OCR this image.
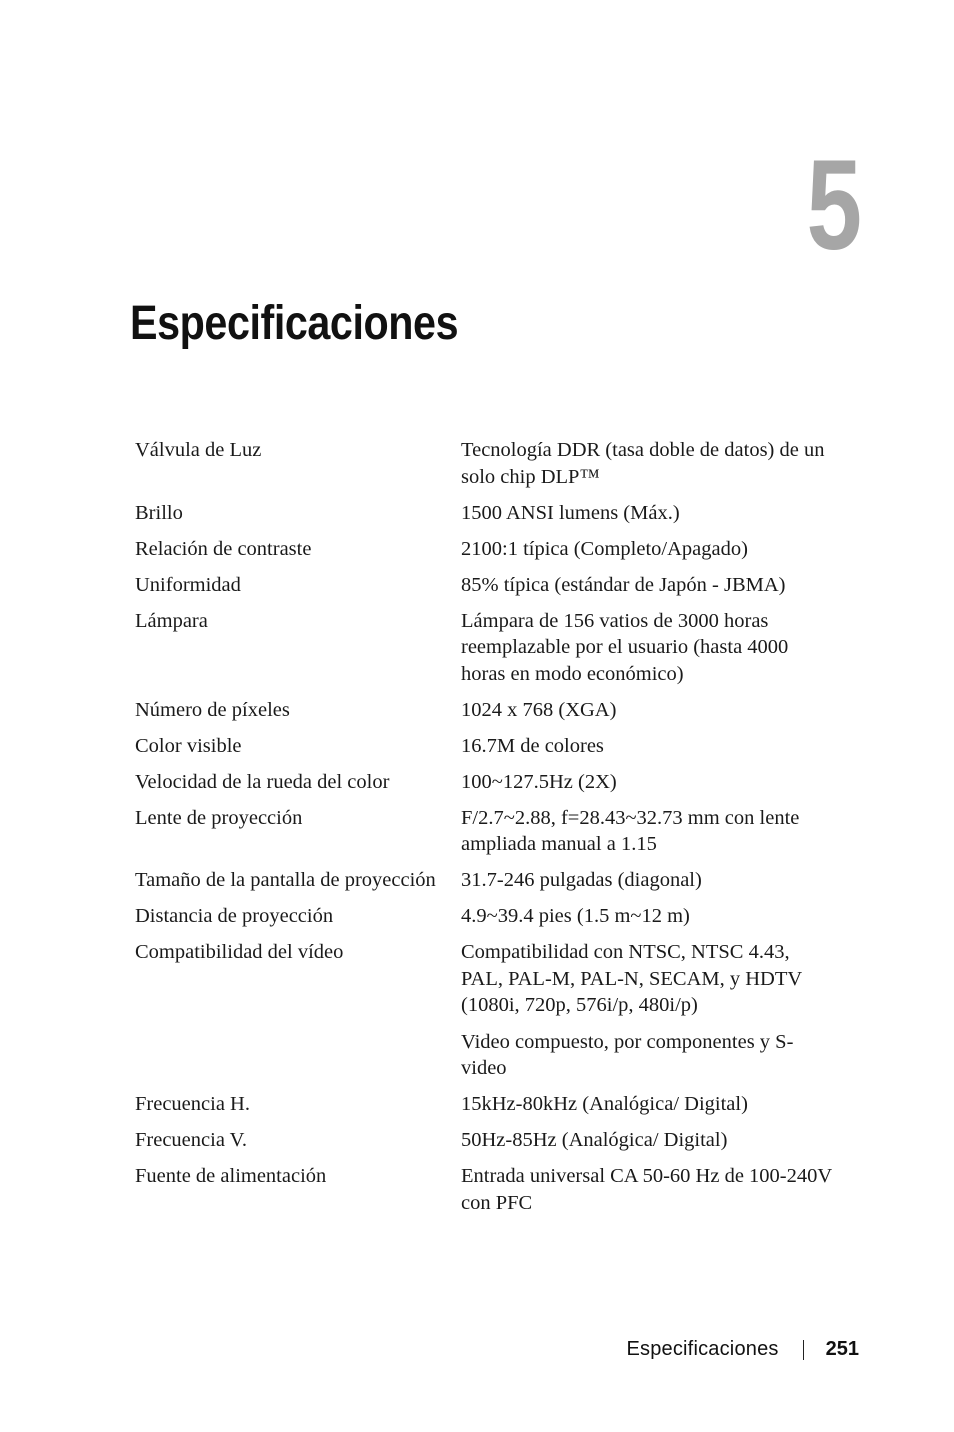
5
Especificaciones
Válvula de Luz	Tecnología DDR (tasa doble de datos) de un solo chip DLP™
Brillo	1500 ANSI lumens (Máx.)
Relación de contraste	2100:1 típica (Completo/Apagado)
Uniformidad	85% típica (estándar de Japón - JBMA)
Lámpara	Lámpara de 156 vatios de 3000 horas reemplazable por el usuario (hasta 4000 horas en modo económico)
Número de píxeles	1024 x 768 (XGA)
Color visible	16.7M de colores
Velocidad de la rueda del color	100~127.5Hz (2X)
Lente de proyección	F/2.7~2.88, f=28.43~32.73 mm con lente ampliada manual a 1.15
Tamaño de la pantalla de proyección	31.7-246 pulgadas (diagonal)
Distancia de proyección	4.9~39.4 pies (1.5 m~12 m)
Compatibilidad del vídeo	Compatibilidad con NTSC, NTSC 4.43, PAL, PAL-M, PAL-N, SECAM, y HDTV (1080i, 720p, 576i/p, 480i/p)
Video compuesto, por componentes y S-video
Frecuencia H.	15kHz-80kHz (Analógica/ Digital)
Frecuencia V.	50Hz-85Hz (Analógica/ Digital)
Fuente de alimentación	Entrada universal CA 50-60 Hz de 100-240V con PFC
Especificaciones 251
